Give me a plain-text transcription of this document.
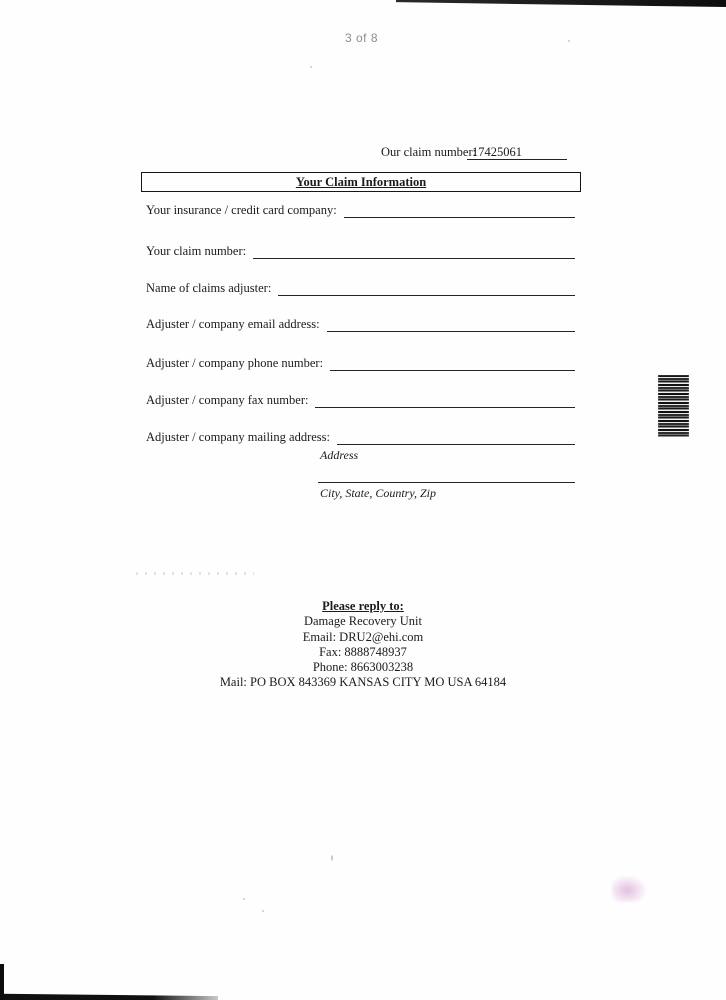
3 of 8
Our claim number:
17425061
Your Claim Information
Your insurance / credit card company:
Your claim number:
Name of claims adjuster:
Adjuster / company email address:
Adjuster / company phone number:
Adjuster / company fax number:
Adjuster / company mailing address:
Address
City, State, Country, Zip
Please reply to:
Damage Recovery Unit
Email: DRU2@ehi.com
Fax: 8888748937
Phone: 8663003238
Mail: PO BOX 843369 KANSAS CITY MO USA 64184
